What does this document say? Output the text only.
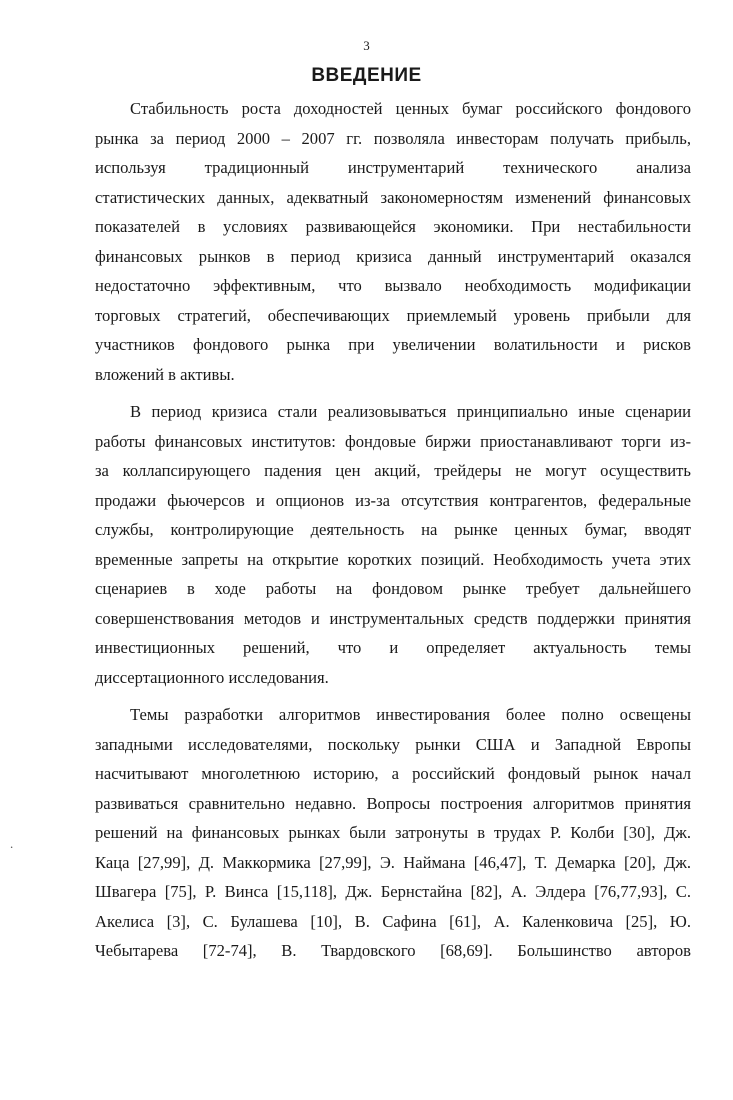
3
ВВЕДЕНИЕ

Стабильность роста доходностей ценных бумаг российского фондового
рынка за период 2000 – 2007 гг. позволяла инвесторам получать прибыль,
используя традиционный инструментарий технического анализа
статистических данных, адекватный закономерностям изменений финансовых
показателей в условиях развивающейся экономики. При нестабильности
финансовых рынков в период кризиса данный инструментарий оказался
недостаточно эффективным, что вызвало необходимость модификации
торговых стратегий, обеспечивающих приемлемый уровень прибыли для
участников фондового рынка при увеличении волатильности и рисков
вложений в активы.

В период кризиса стали реализовываться принципиально иные сценарии
работы финансовых институтов: фондовые биржи приостанавливают торги из-
за коллапсирующего падения цен акций, трейдеры не могут осуществить
продажи фьючерсов и опционов из-за отсутствия контрагентов, федеральные
службы, контролирующие деятельность на рынке ценных бумаг, вводят
временные запреты на открытие коротких позиций. Необходимость учета этих
сценариев в ходе работы на фондовом рынке требует дальнейшего
совершенствования методов и инструментальных средств поддержки принятия
инвестиционных решений, что и определяет актуальность темы
диссертационного исследования.

Темы разработки алгоритмов инвестирования более полно освещены
западными исследователями, поскольку рынки США и Западной Европы
насчитывают многолетнюю историю, а российский фондовый рынок начал
развиваться сравнительно недавно. Вопросы построения алгоритмов принятия
решений на финансовых рынках были затронуты в трудах Р. Колби [30], Дж.
Каца [27,99], Д. Маккормика [27,99], Э. Наймана [46,47], Т. Демарка [20], Дж.
Швагера [75], Р. Винса [15,118], Дж. Бернстайна [82], А. Элдера [76,77,93], С.
Акелиса [3], С. Булашева [10], В. Сафина [61], А. Каленковича [25], Ю.
Чебытарева [72-74], В. Твардовского [68,69]. Большинство авторов

.
